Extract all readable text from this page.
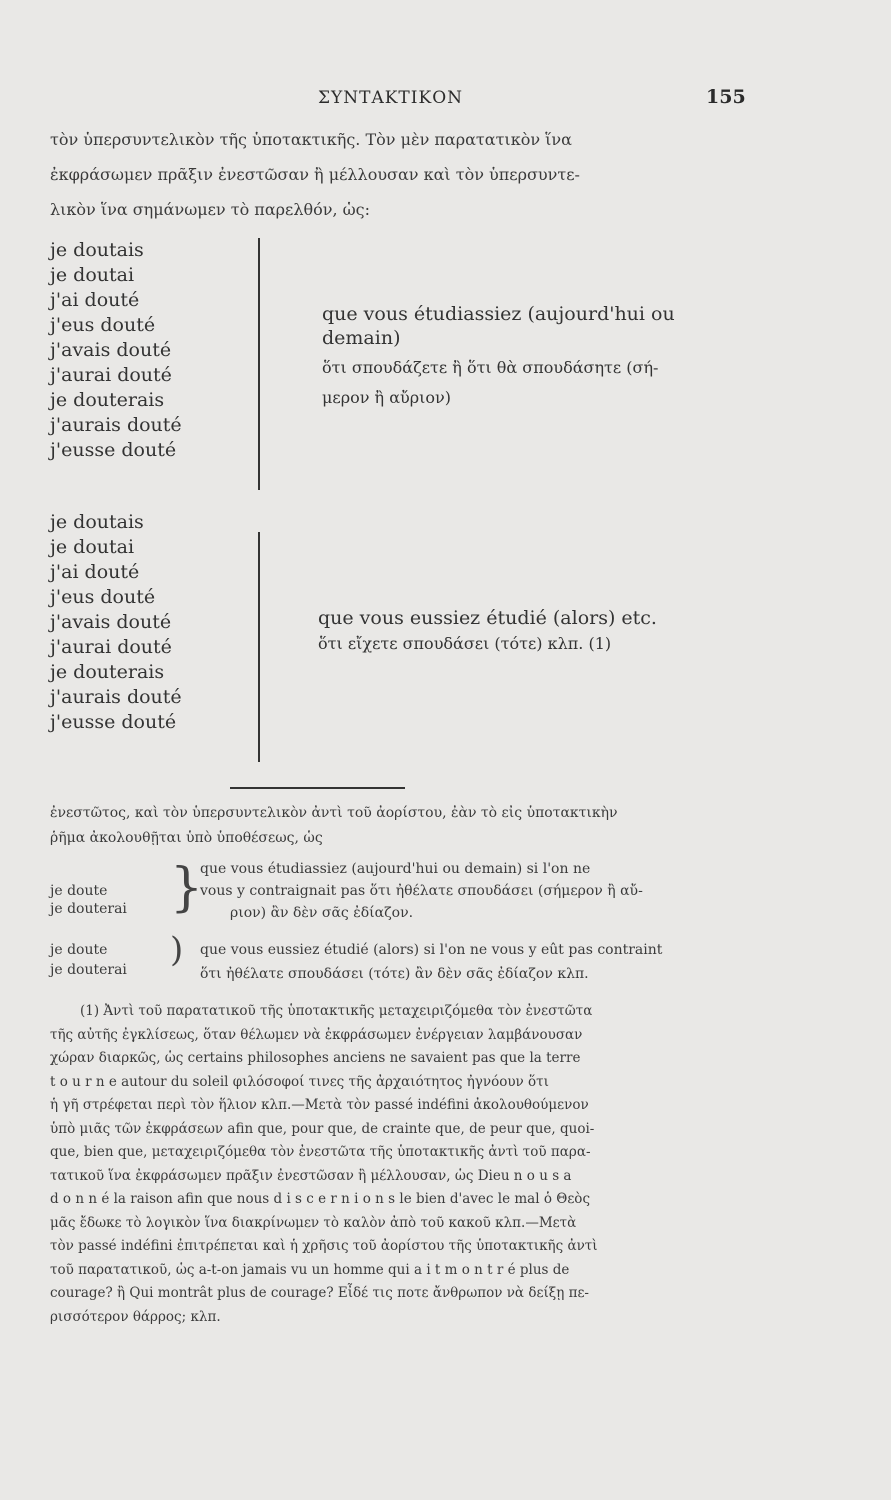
ΣΥΝΤΑΚΤΙΚΟΝ	155
τὸν ὑπερσυντελικὸν τῆς ὑποτακτικῆς. Τὸν μὲν παρατατικὸν ἵνα
ἐκφράσωμεν πρᾶξιν ἐνεστῶσαν ἢ μέλλουσαν καὶ τὸν ὑπερσυντε-
λικὸν ἵνα σημάνωμεν τὸ παρελθόν, ὡς:
je doutais
je doutai
j'ai douté
j'eus douté
j'avais douté
j'aurai douté
je douterais
j'aurais douté
j'eusse douté
que vous étudiassiez (aujourd'hui ou
demain)
ὅτι σπουδάζετε ἢ ὅτι θὰ σπουδάσητε (σή-
μερον ἢ αὔριον)
je doutais
je doutai
j'ai douté
j'eus douté
j'avais douté
j'aurai douté
je douterais
j'aurais douté
j'eusse douté
que vous eussiez étudié (alors) etc.
ὅτι εἴχετε σπουδάσει (τότε) κλπ. (1)
ἐνεστῶτος, καὶ τὸν ὑπερσυντελικὸν ἀντὶ τοῦ ἀορίστου, ἐὰν τὸ εἰς ὑποτακτικὴν
ῥῆμα ἀκολουθῇται ὑπὸ ὑποθέσεως, ὡς
je doute
je douterai }
que vous étudiassiez (aujourd'hui ou demain) si l'on ne
vous y contraignait pas ὅτι ἠθέλατε σπουδάσει (σήμερον ἢ αὔ-
ριον) ἂν δὲν σᾶς ἐδίαζον.
je doute
je douterai ) que vous eussiez étudié (alors) si l'on ne vous y eût pas contraint
ὅτι ἠθέλατε σπουδάσει (τότε) ἂν δὲν σᾶς ἐδίαζον κλπ.
(1) Ἀντὶ τοῦ παρατατικοῦ τῆς ὑποτακτικῆς μεταχειριζόμεθα τὸν ἐνεστῶτα
τῆς αὐτῆς ἐγκλίσεως, ὅταν θέλωμεν νὰ ἐκφράσωμεν ἐνέργειαν λαμβάνουσαν
χώραν διαρκῶς, ὡς certains philosophes anciens ne savaient pas que la terre
t o u r n e autour du soleil φιλόσοφοί τινες τῆς ἀρχαιότητος ἠγνόουν ὅτι
ἡ γῆ στρέφεται περὶ τὸν ἥλιον κλπ.—Μετὰ τὸν passé indéfini ἀκολουθούμενον
ὑπὸ μιᾶς τῶν ἐκφράσεων afin que, pour que, de crainte que, de peur que, quoi-
que, bien que, μεταχειριζόμεθα τὸν ἐνεστῶτα τῆς ὑποτακτικῆς ἀντὶ τοῦ παρα-
τατικοῦ ἵνα ἐκφράσωμεν πρᾶξιν ἐνεστῶσαν ἢ μέλλουσαν, ὡς Dieu n o u s a
d o n n é la raison afin que nous d i s c e r n i o n s le bien d'avec le mal ὁ Θεὸς
μᾶς ἔδωκε τὸ λογικὸν ἵνα διακρίνωμεν τὸ καλὸν ἀπὸ τοῦ κακοῦ κλπ.—Μετὰ
τὸν passé indéfini ἐπιτρέπεται καὶ ἡ χρῆσις τοῦ ἀορίστου τῆς ὑποτακτικῆς ἀντὶ
τοῦ παρατατικοῦ, ὡς a-t-on jamais vu un homme qui a i t m o n t r é plus de
courage? ἢ Qui montrât plus de courage? Εἶδέ τις ποτε ἄνθρωπον νὰ δείξῃ πε-
ρισσότερον θάρρος; κλπ.
